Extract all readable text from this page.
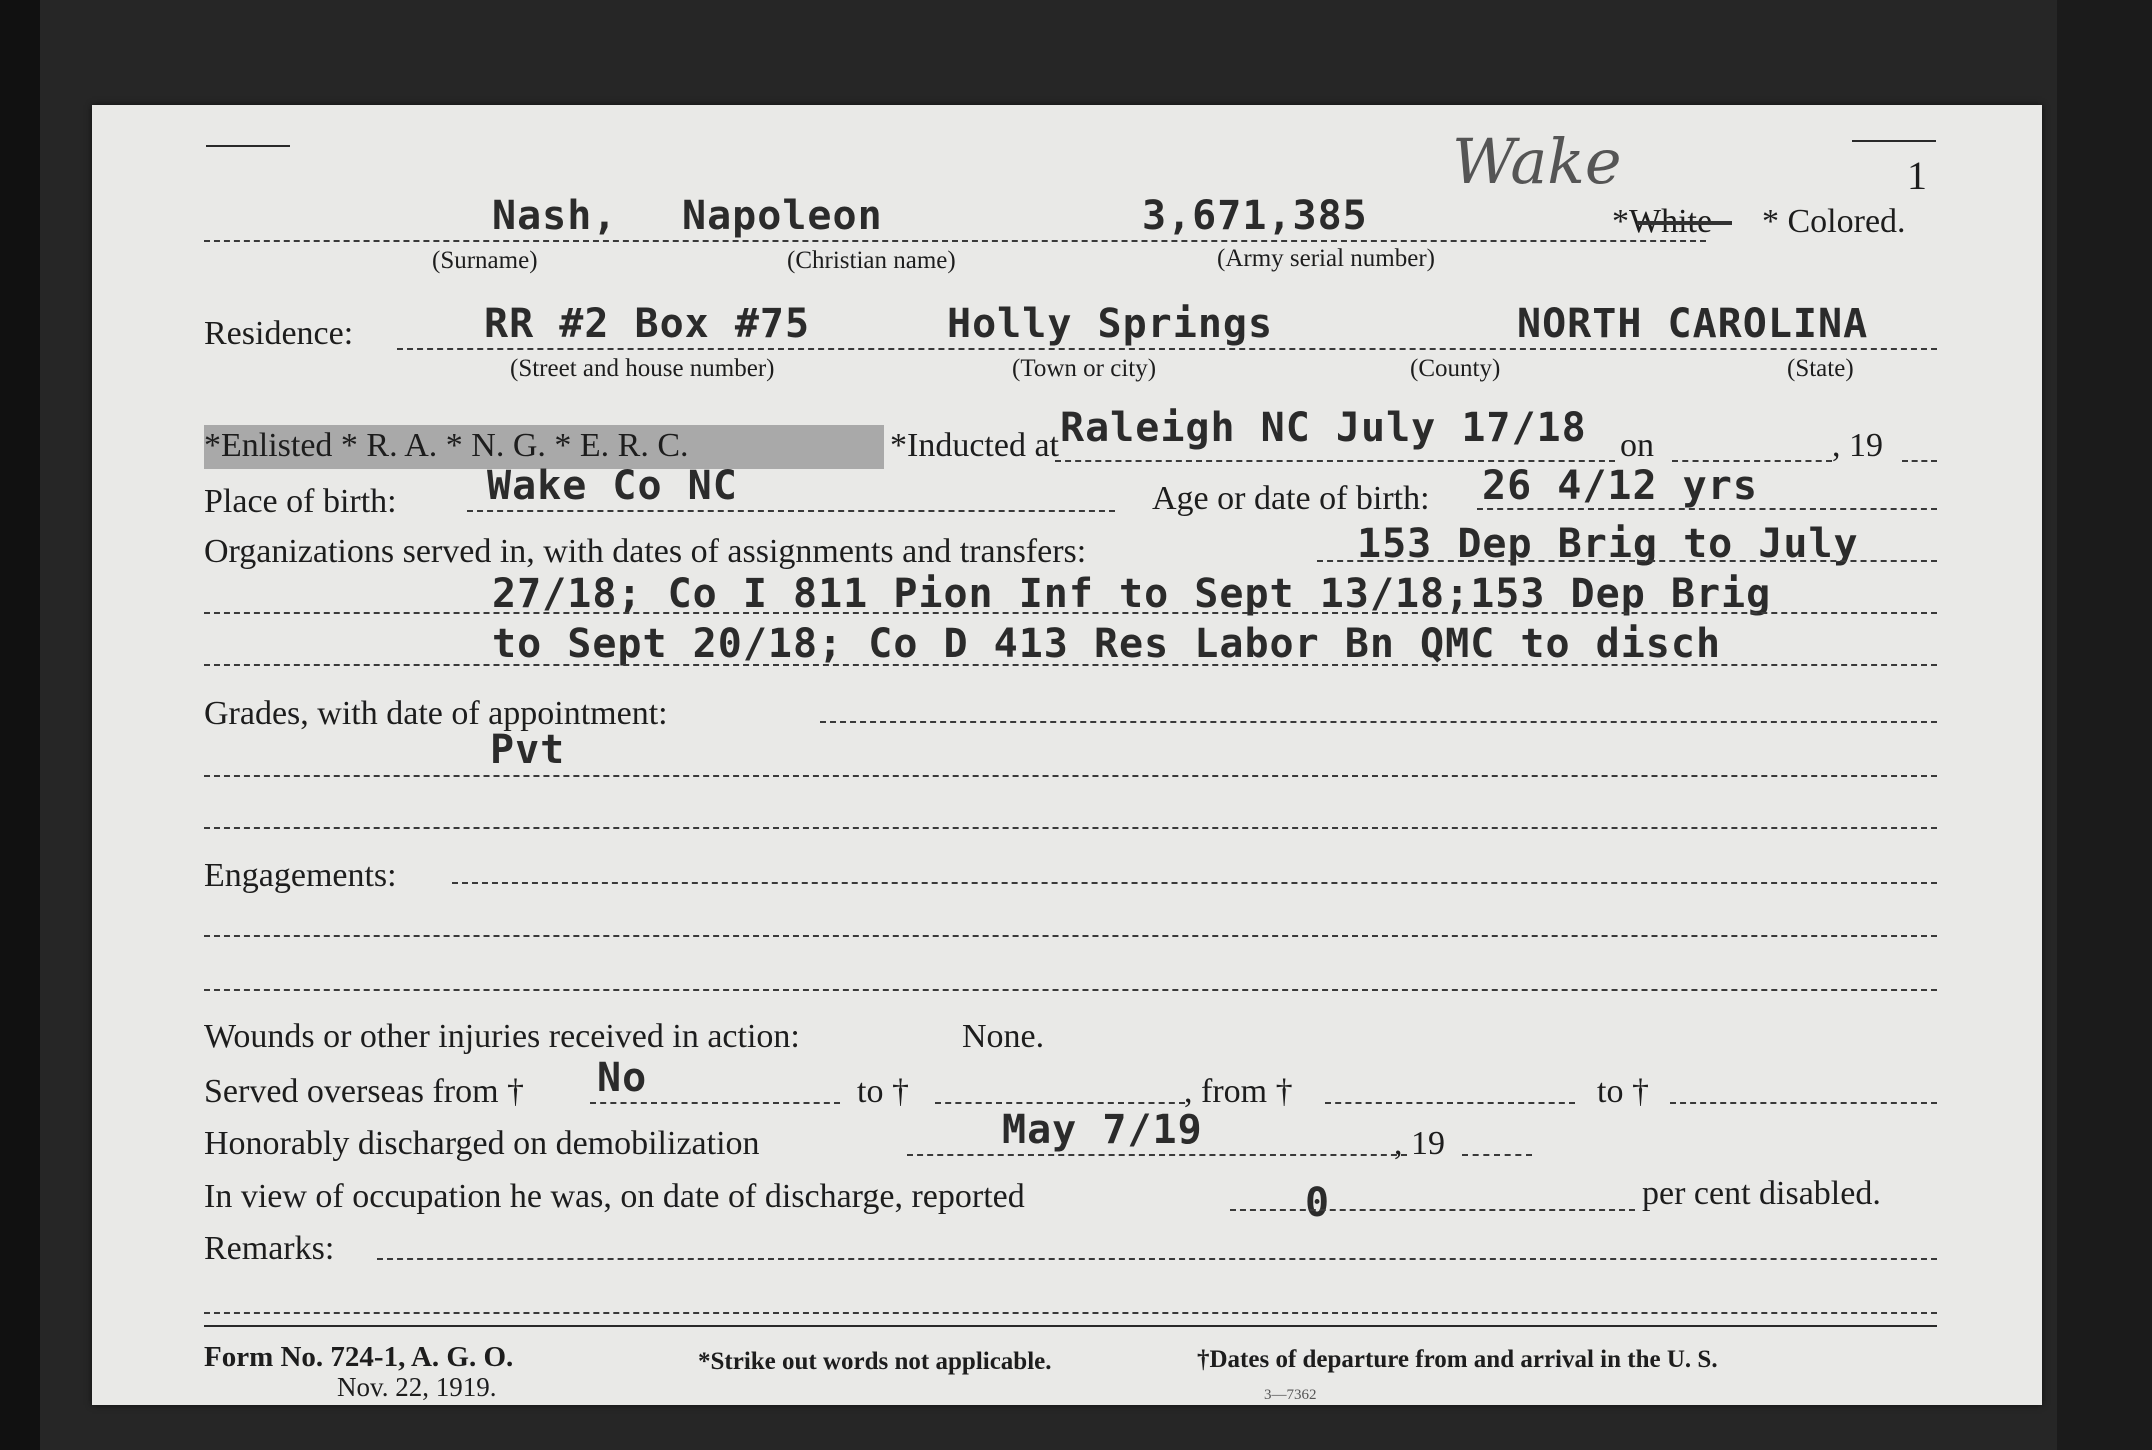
Wake	1
Nash, Napoleon	3,671,385	*White * Colored.
(Surname)	(Christian name)	(Army serial number)
Residence:	RR #2 Box #75	Holly Springs	NORTH CAROLINA
(Street and house number)	(Town or city)	(County)	(State)
*Enlisted * R. A. * N. G. * E. R. C.	*Inducted at Raleigh NC July 17/18 on	, 19
Place of birth: Wake Co NC	Age or date of birth: 26 4/12 yrs
Organizations served in, with dates of assignments and transfers:	153 Dep Brig to July
27/18; Co I 811 Pion Inf to Sept 13/18;153 Dep Brig
to Sept 20/18; Co D 413 Res Labor Bn QMC to disch
Grades, with date of appointment:
Pvt
Engagements:
Wounds or other injuries received in action:	None.
Served overseas from † No	to †	, from †	to †
Honorably discharged on demobilization	May 7/19	, 19
In view of occupation he was, on date of discharge, reported	0	per cent disabled.
Remarks:
Form No. 724-1, A. G. O.
Nov. 22, 1919.
*Strike out words not applicable.	†Dates of departure from and arrival in the U. S.
3—7362
